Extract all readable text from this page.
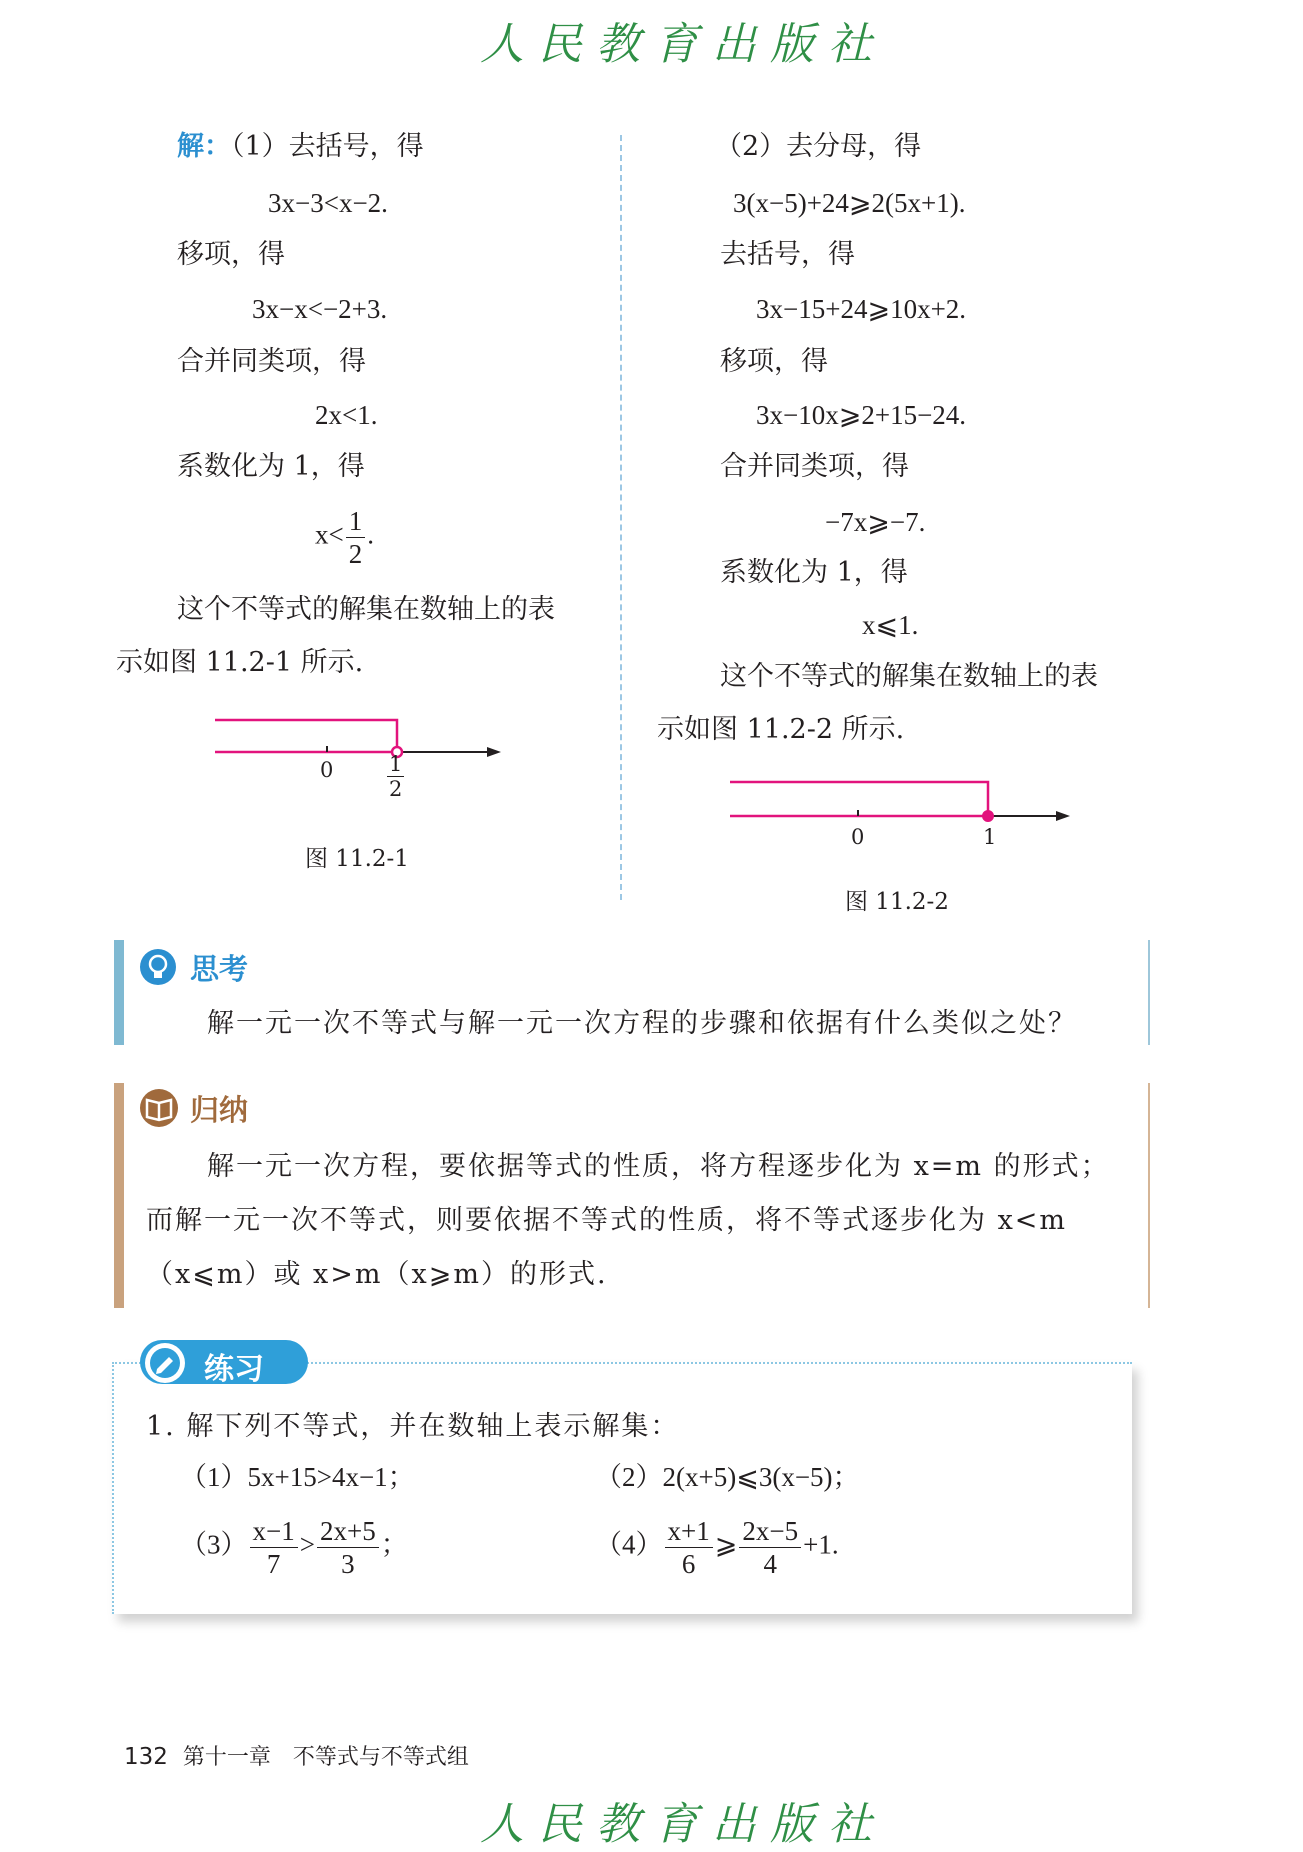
人民教育出版社
解：（1）去括号，得
3x−3<x−2.
移项，得
3x−x<−2+3.
合并同类项，得
2x<1.
系数化为 1，得
$x< \frac{1}{2}$ .
这个不等式的解集在数轴上的表
示如图 11.2-1 所示.
0	$\frac{1}{2}$
图 11.2-1
（2）去分母，得
3(x−5)+24⩾2(5x+1).
去括号，得
3x−15+24⩾10x+2.
移项，得
3x−10x⩾2+15−24.
合并同类项，得
−7x⩾−7.
系数化为 1，得
x⩽1.
这个不等式的解集在数轴上的表
示如图 11.2-2 所示.
0	1
图 11.2-2
思考
解一元一次不等式与解一元一次方程的步骤和依据有什么类似之处？
归纳
解一元一次方程，要依据等式的性质，将方程逐步化为 x=m 的形式；
而解一元一次不等式，则要依据不等式的性质，将不等式逐步化为 x<m
（x⩽m）或 x>m（x⩾m）的形式.
练习
1. 解下列不等式，并在数轴上表示解集：
（1）5x+15>4x−1；	（2）2(x+5)⩽3(x−5)；
$(3) \frac{x-1}{7} > \frac{2x+5}{3}$ ；	$(4) \frac{x+1}{6}$ ⩾ $\frac{2x-5}{4} +1$.
132 第十一章　不等式与不等式组
人民教育出版社
